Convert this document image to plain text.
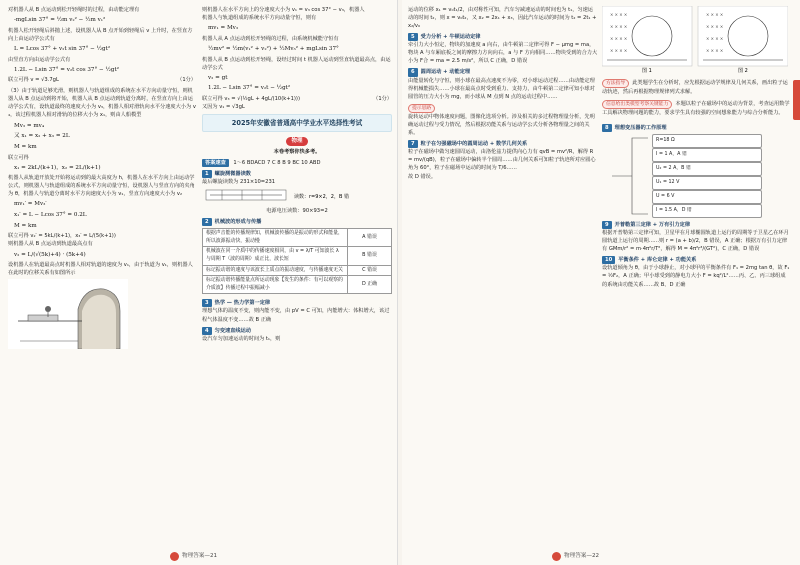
对机器人从 B 点运动到松开轻绳时的过程，由动能定理有
-mgLsin 37° = ½m v₂² − ½m v₁²
机器人松开轻绳后斜抛上述，设机器人从 B 点开始到轻绳后 v 上升时，在竖直方向上由运动学公式有
L = Lcos 37° + v₂t sin 37° − ½gt²
由竖直方向由运动学公式有
1.2L − Lsin 37° = v₂t cos 37° − ½gt²
联立可得 v = √3.7gL	（1分）
（3）由于轨道足够光滑，则机器人与轨道组成的系统在水平方向动量守恒，则机器人从 B 点运动到将开始，机器人从 B 点运动到轨道分离时，在竖直方向上由运动学公式有，设轨道最终的速度大小为 v₃，机器人相对滑轨向水平分速度大小为 v₄，该过程机器人相对滑轨的位移大小为 x₁，则由人船模型
Mv₃ = mv₄
又 x₁ = x₂ + x₃ = 2L
M = km
联立可得
x₁ = 2kL/(k+1)，x₂ = 2L/(k+1)
机器人从轨道开放处开始将运动到的最大高度为 h，机器人在水平方向上由运动学公式，则机器人与轨道组成的系统水平方向动量守恒，设机器人与竖直方向的夹角为 θ，机器人与轨道分离时水平方向速度大小为 v₁，竖直方向速度大小为 v₂
mv₁′ = Mv₃′
x₁′ = L − Lcos 37° = 0.2L
M = km
联立可得 v₂′ = 5kL/(k+1)，x₃′ = L/(5(k+1))
则机器人从 B 点运动到轨道最高点有
v₂ = L/(√(5k)+4) · (5k+4)
设机器人在轨道最高点时机器人相对轨道的速度为 v₁，由于轨道为 v₁，则机器人在此时的位移关系有如图所示
则机器人在水平方向上的分速度大小为 v₁ = v₃ cos 37° − v₃，机器人
机器人与轨道组成的系统水平方向动量守恒，则有
mv₁ = Mv₃
机器人从 A 点运动到松开轻绳的过程，由系统机械能守恒有
½mv² = ½m(v₁² + v₂²) + ½Mv₃² + mgLsin 37°
机器人从 B 点运动到松开轻绳，设经过时间 t 机器人运动到竖直轨道最高点，由运动学公式
v₂ = gt
1.2L − Lsin 37° = v₂t − ½gt²
联立可得 v₃ = √(½gL + 4gL/(10(k+1)))	（1分）
又因为 v₁ = √3gL
2025年安徽省普通高中学业水平选择性考试
物理
本卷考察你快多考。
答案速查 1～6 BDACD 7 C 8 B 9 BC 10 ABD
1 螺旋测微器读数
最后螺旋读数为 231×10=231
读数：r=9×2，2，B 错
电源电压读数：90×93=2
2 机械波的形成与传播
根据声音能的传播规律知，机械波传播的是振动的形式和能量，所以波源振动快，振动慢	A 错误
机械波在同一介质中的传播速度相同，由 v = λ/T 可知波长 λ 与周期 T（波的周期）成正比，波长短	B 错误
标记振动谐的速度与该波长上质点的振动速度，与传播速度无关	C 错误
标记振动谐传播能量点所运动现象【发生的条件：有可以观察的介质波】传播过程中振幅减小	D 正确
3 热学 — 热力学第一定律
理想气体的温度不变，则内能不变，由 pV = C 可知，内能增大：体积增大，该过程气体温度不变……故 B 正确
4 匀变速直线运动
设汽车匀加速运动的时间为 t₁，则
物理答案—21
运动的位移 x₁ = v₀t₁/2，由对称性可知，汽车匀减速运动的时间也为 t₁，匀速运动的时间 t₂，则 x = v₀t₂，又 x₂ = 2x₁ + x₃，因此汽车运动的时间为 t₂ = 2t₁ + x₂/v₀
5 受力分析 + 牛顿运动定律
牵引力大小恒定，物块的加速度 a 向右，由牛顿第二定律可得 F − μmg = ma，物块 A 与车厢底板之间的摩擦力方向向右，a 与 F 方向相同……物块受到的合力大小为 F合 = ma = 2.5 m/s²，所以 C 正确，D 错误
6 圆周运动 + 动能定理
由能量转化与守恒，则小球在最高点速度不为零，对小球运动过程……由动能定理得机械能损失……小球在最高点时受到重力、支持力，由牛顿第二定律可知小球对圆管的压力大小为 mg，而小球从 M 点到 N 点的运动过程中……
提示思路
旋转运动中物体速度问题，图像化选项分析。涉及相关的多过程物理量分析，先明确运动过程与受力情况，然后根据功能关系与运动学公式分析各物理量之间的关系。
7 粒子在匀强磁场中的圆周运动 + 数学几何关系
粒子在磁场中做匀速圆周运动，由洛伦兹力提供向心力有 qvB = mv²/R，解得 R = mv/(qB)，粒子在磁场中偏转半个圆周……由几何关系可知粒子轨迹所对应圆心角为 60°，粒子在磁场中运动的时间为 T/6……
故 D 错误。
× × × ×
× × × ×
× × × ×
× × × ×
× × × ×
× × × ×
× × × ×
× × × ×
图 1	图 2
方法指导 此类题学生在分析时，应先根据运动学规律及几何关系，画出粒子运动轨迹，然后再根据物理规律列式求解。
信息给出类模型考察关键能力 本题以粒子在磁场中的运动为背景，考查运用数学工具解决物理问题的能力，要求学生具有较强的空间想象能力与综合分析能力。
8 理想变压器的工作原理
R=18 Ω
I = 1 A，A 错
U₂ = 2 A，B 错
U₁ = 12 V
U = 6 V
I = 1.5 A，D 错
9 开普勒第三定律 + 万有引力定律
根据开普勒第三定律可知，卫星甲在月球椭圆轨道上运行的周期等于卫星乙在环月圆轨道上运行的周期……则 r = (a + b)/2，B 错误，A 正确；根据万有引力定律有 GMm/r² = m·4π²r/T²，解得 M = 4π²r³/(GT²)，C 正确，D 错误
10 平衡条件 + 库仑定律 + 功能关系
设轨道倾角为 θ，由于小球静止，对小球甲的平衡条件有 F₁ = 2mg tan θ，故 F₁ = ½F₂，A 正确；甲小球受到的静电力大小 F = kq²/L²……丙、乙、丙三球组成的系统由功能关系……故 B、D 正确
物理答案—22
